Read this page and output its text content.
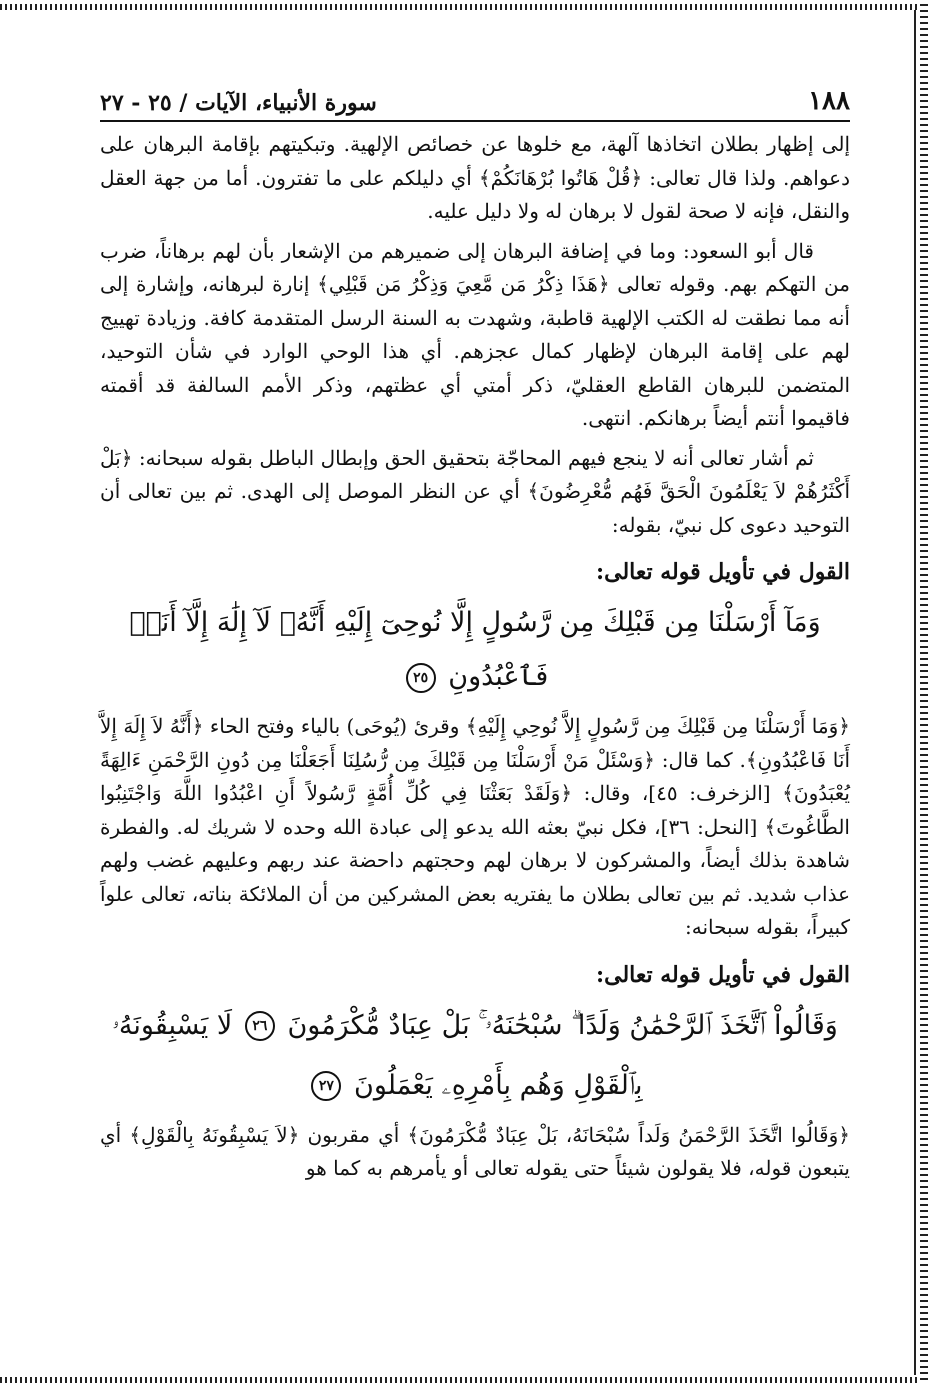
١٨٨
سورة الأنبياء، الآيات / ٢٥ - ٢٧

إلى إظهار بطلان اتخاذها آلهة، مع خلوها عن خصائص الإلهية. وتبكيتهم بإقامة البرهان على دعواهم. ولذا قال تعالى: ﴿قُلْ هَاتُوا بُرْهَانَكُمْ﴾ أي دليلكم على ما تفترون. أما من جهة العقل والنقل، فإنه لا صحة لقول لا برهان له ولا دليل عليه.

قال أبو السعود: وما في إضافة البرهان إلى ضميرهم من الإشعار بأن لهم برهاناً، ضرب من التهكم بهم. وقوله تعالى ﴿هَذَا ذِكْرُ مَن مَّعِيَ وَذِكْرُ مَن قَبْلِي﴾ إنارة لبرهانه، وإشارة إلى أنه مما نطقت له الكتب الإلهية قاطبة، وشهدت به السنة الرسل المتقدمة كافة. وزيادة تهييج لهم على إقامة البرهان لإظهار كمال عجزهم. أي هذا الوحي الوارد في شأن التوحيد، المتضمن للبرهان القاطع العقليّ، ذكر أمتي أي عظتهم، وذكر الأمم السالفة قد أقمته فاقيموا أنتم أيضاً برهانكم. انتهى.

ثم أشار تعالى أنه لا ينجع فيهم المحاجّة بتحقيق الحق وإبطال الباطل بقوله سبحانه: ﴿بَلْ أَكْثَرُهُمْ لاَ يَعْلَمُونَ الْحَقَّ فَهُم مُّعْرِضُونَ﴾ أي عن النظر الموصل إلى الهدى. ثم بين تعالى أن التوحيد دعوى كل نبيّ، بقوله:

القول في تأويل قوله تعالى:
وَمَآ أَرْسَلْنَا مِن قَبْلِكَ مِن رَّسُولٍ إِلَّا نُوحِىٓ إِلَيْهِ أَنَّهُۥ لَآ إِلَٰهَ إِلَّآ أَنَا۠ فَٱعْبُدُونِ ٢٥

﴿وَمَا أَرْسَلْنَا مِن قَبْلِكَ مِن رَّسُولٍ إِلاَّ نُوحِي إِلَيْهِ﴾ وقرئ (يُوحَى) بالياء وفتح الحاء ﴿أَنَّهُ لاَ إِلَهَ إِلاَّ أَنَا فَاعْبُدُونِ﴾. كما قال: ﴿وَسْئَلْ مَنْ أَرْسَلْنَا مِن قَبْلِكَ مِن رُّسُلِنَا أَجَعَلْنَا مِن دُونِ الرَّحْمَنِ ءَالِهَةً يُعْبَدُونَ﴾ [الزخرف: ٤٥]، وقال: ﴿وَلَقَدْ بَعَثْنَا فِي كُلِّ أُمَّةٍ رَّسُولاً أَنِ اعْبُدُوا اللَّهَ وَاجْتَنِبُوا الطَّاغُوتَ﴾ [النحل: ٣٦]، فكل نبيّ بعثه الله يدعو إلى عبادة الله وحده لا شريك له. والفطرة شاهدة بذلك أيضاً، والمشركون لا برهان لهم وحجتهم داحضة عند ربهم وعليهم غضب ولهم عذاب شديد. ثم بين تعالى بطلان ما يفتريه بعض المشركين من أن الملائكة بناته، تعالى علواً كبيراً، بقوله سبحانه:

القول في تأويل قوله تعالى:
وَقَالُواْ ٱتَّخَذَ ٱلرَّحْمَٰنُ وَلَدًا ۗ سُبْحَٰنَهُۥ ۚ بَلْ عِبَادٌ مُّكْرَمُونَ ٢٦ لَا يَسْبِقُونَهُۥ
بِٱلْقَوْلِ وَهُم بِأَمْرِهِۦ يَعْمَلُونَ ٢٧

﴿وَقَالُوا اتَّخَذَ الرَّحْمَنُ وَلَداً سُبْحَانَهُ، بَلْ عِبَادٌ مُّكْرَمُونَ﴾ أي مقربون ﴿لاَ يَسْبِقُونَهُ بِالْقَوْلِ﴾ أي يتبعون قوله، فلا يقولون شيئاً حتى يقوله تعالى أو يأمرهم به كما هو
